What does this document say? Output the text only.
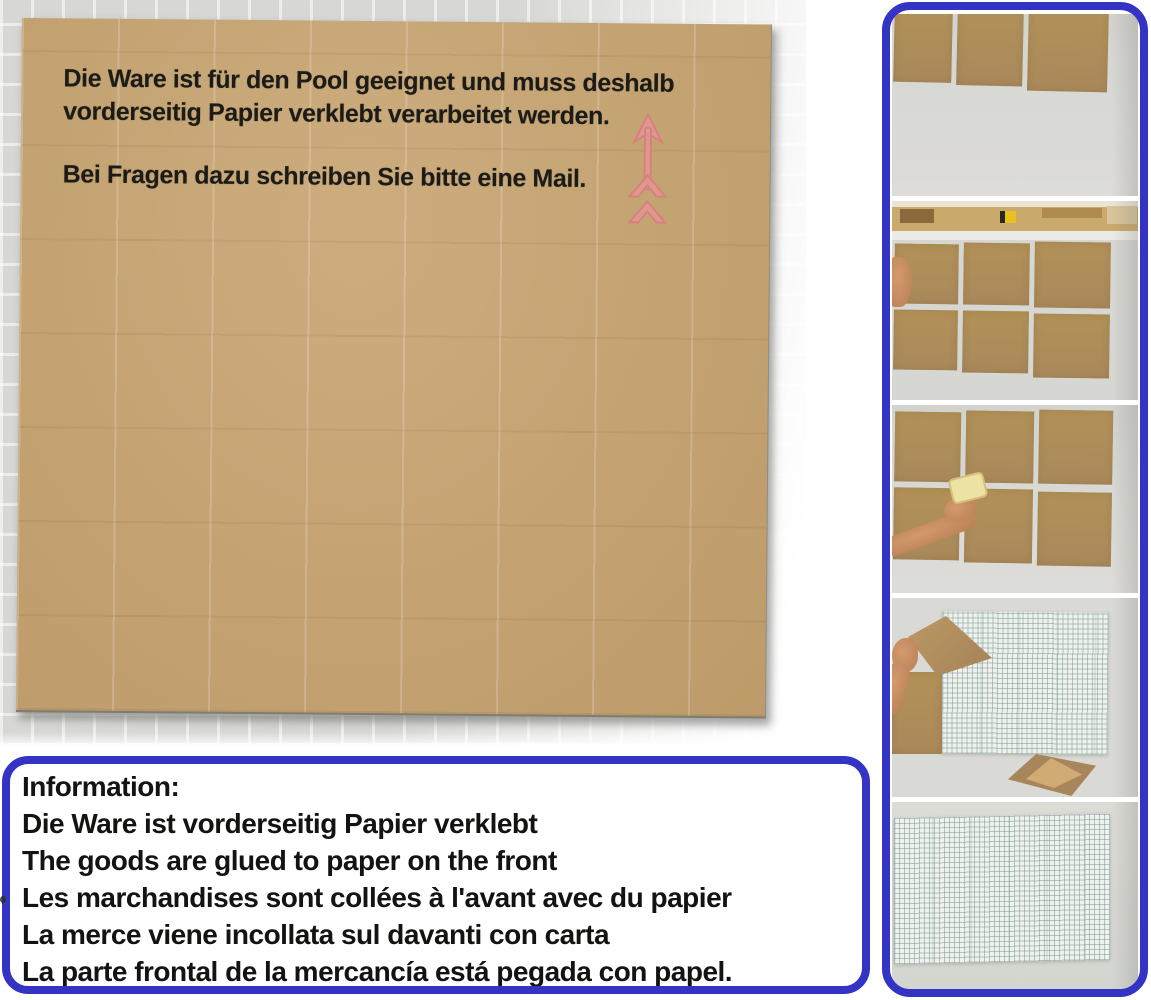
Die Ware ist für den Pool geeignet und muss deshalb
vorderseitig Papier verklebt verarbeitet werden.
Bei Fragen dazu schreiben Sie bitte eine Mail.
Information:
Die Ware ist vorderseitig Papier verklebt
The goods are glued to paper on the front
Les marchandises sont collées à l'avant avec du papier
La merce viene incollata sul davanti con carta
La parte frontal de la mercancía está pegada con papel.
